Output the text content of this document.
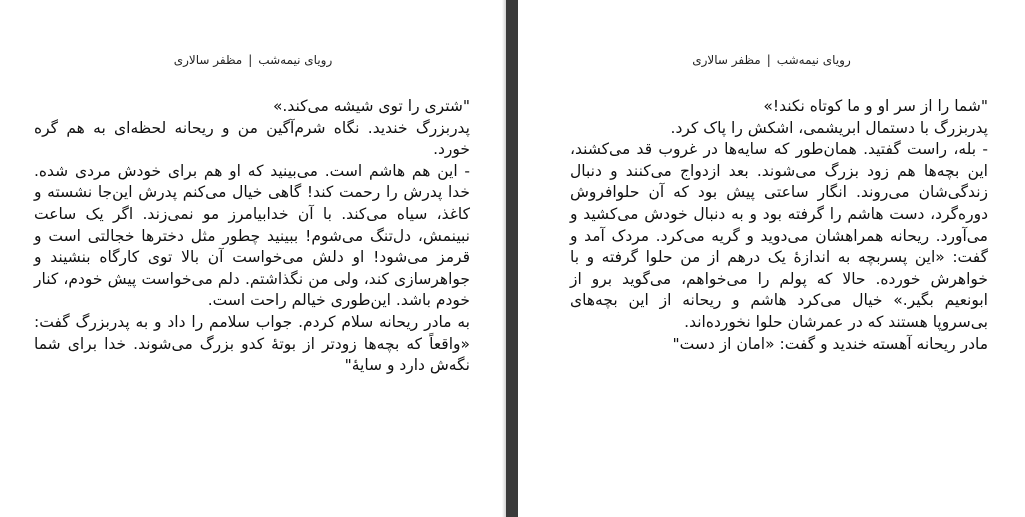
رویای نیمه‌شب|مظفر سالاری

"شتری را توی شیشه می‌کند.»

پدربزرگ خندید. نگاه شرم‌آگین من و ریحانه لحظه‌ای به هم گره خورد.

- این هم هاشم است. می‌بینید که او هم برای خودش مردی شده. خدا پدرش را رحمت کند! گاهی خیال می‌کنم پدرش این‌جا نشسته و کاغذ، سیاه می‌کند. با آن خدابیامرز مو نمی‌زند. اگر یک ساعت نبینمش، دل‌تنگ می‌شوم! ببینید چطور مثل دخترها خجالتی است و قرمز می‌شود! او دلش می‌خواست آن بالا توی کارگاه بنشیند و جواهرسازی کند، ولی من نگذاشتم. دلم می‌خواست پیش خودم، کنار خودم باشد. این‌طوری خیالم راحت است.

به مادر ریحانه سلام کردم. جواب سلامم را داد و به پدربزرگ گفت: «واقعاً که بچه‌ها زودتر از بوتهٔ کدو بزرگ می‌شوند. خدا برای شما نگه‌ش دارد و سایهٔ"

رویای نیمه‌شب|مظفر سالاری

"شما را از سر او و ما کوتاه نکند!»

پدربزرگ با دستمال ابریشمی، اشکش را پاک کرد.

- بله، راست گفتید. همان‌طور که سایه‌ها در غروب قد می‌کشند، این بچه‌ها هم زود بزرگ می‌شوند. بعد ازدواج می‌کنند و دنبال زندگی‌شان می‌روند. انگار ساعتی پیش بود که آن حلوافروش دوره‌گرد، دست هاشم را گرفته بود و به دنبال خودش می‌کشید و می‌آورد. ریحانه همراهشان می‌دوید و گریه می‌کرد. مردک آمد و گفت: «این پسربچه به اندازهٔ یک درهم از من حلوا گرفته و با خواهرش خورده. حالا که پولم را می‌خواهم، می‌گوید برو از ابونعیم بگیر.» خیال می‌کرد هاشم و ریحانه از این بچه‌های بی‌سروپا هستند که در عمرشان حلوا نخورده‌اند.

مادر ریحانه آهسته خندید و گفت: «امان از دست"
